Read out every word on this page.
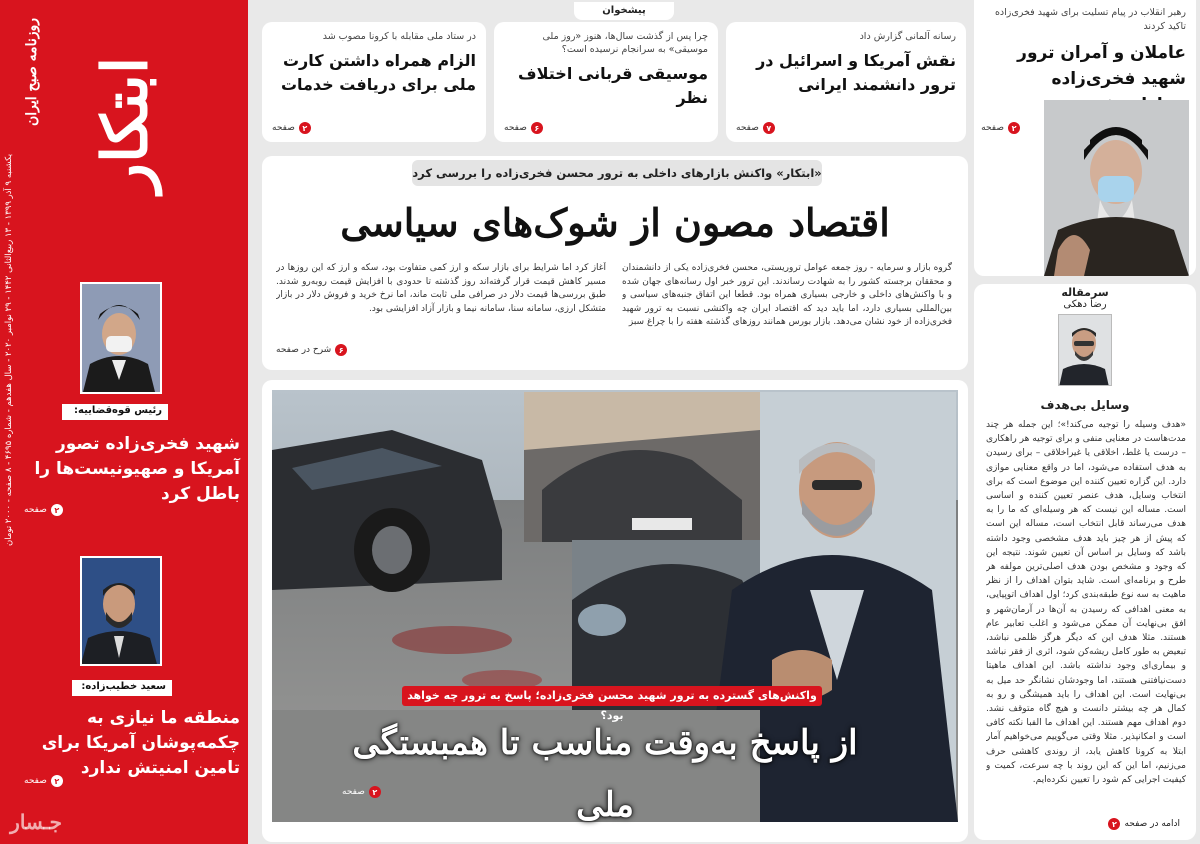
ابتکار
روزنامه صبح ایران
یکشنبه ۹ آذر ۱۳۹۹ - ۱۳ ربیع‌الثانی ۱۴۴۲ - ۲۹ نوامبر ۲۰۲۰ - سال هفدهم - شماره ۴۶۹۵ - ۸ صفحه - ۲۰۰۰ تومان
رئیس قوه‌قضاییه:
شهید فخری‌زاده تصور آمریکا و صهیونیست‌ها را باطل کرد
۲
صفحه
سعید خطیب‌زاده:
منطقه ما نیازی به چکمه‌پوشان آمریکا برای تامین امنیتش ندارد
۲
صفحه
جـسار
پیشخوان
رسانه آلمانی گزارش داد
نقش آمریکا و اسرائیل در ترور دانشمند ایرانی
۷
صفحه
چرا پس از گذشت سال‌ها، هنوز «روز ملی موسیقی» به سرانجام نرسیده است؟
موسیقی قربانی اختلاف نظر
۶
صفحه
در ستاد ملی مقابله با کرونا مصوب شد
الزام همراه داشتن کارت ملی برای دریافت خدمات
۲
صفحه
«ابتکار» واکنش بازارهای داخلی به ترور محسن فخری‌زاده را بررسی کرد
اقتصاد مصون از شوک‌های سیاسی
گروه بازار و سرمایه - روز جمعه عوامل تروریستی، محسن فخری‌زاده یکی از دانشمندان و محققان برجسته کشور را به شهادت رساندند. این ترور خبر اول رسانه‌های جهان شده و با واکنش‌های داخلی و خارجی بسیاری همراه بود. قطعا این اتفاق جنبه‌های سیاسی و بین‌المللی بسیاری دارد، اما باید دید که اقتصاد ایران چه واکنشی نسبت به ترور شهید فخری‌زاده از خود نشان می‌دهد. بازار بورس همانند روزهای گذشته هفته را با چراغ سبز
آغاز کرد اما شرایط برای بازار سکه و ارز کمی متفاوت بود، سکه و ارز که این روزها در مسیر کاهش قیمت قرار گرفته‌اند روز گذشته تا حدودی با افزایش قیمت روبه‌رو شدند. طبق بررسی‌ها قیمت دلار در صرافی ملی ثابت ماند، اما نرخ خرید و فروش دلار در بازار متشکل ارزی، سامانه سنا، سامانه نیما و بازار آزاد افزایشی بود.
۶
شرح در صفحه
واکنش‌های گسترده به ترور شهید محسن فخری‌زاده؛ پاسخ به ترور چه خواهد بود؟
از پاسخ به‌وقت مناسب تا همبستگی ملی
۲
صفحه
رهبر انقلاب در پیام تسلیت برای شهید فخری‌زاده تاکید کردند
عاملان و آمران ترور شهید فخری‌زاده
۲
صفحه
سرمقاله
رضا دهکی
وسایل بی‌هدف
«هدف وسیله را توجیه می‌کند!»؛ این جمله هر چند مدت‌هاست در معنایی منفی و برای توجیه هر راهکاری – درست یا غلط، اخلاقی یا غیراخلاقی – برای رسیدن به هدف استفاده می‌شود، اما در واقع معنایی موازی دارد. این گزاره تعیین کننده این موضوع است که برای انتخاب وسایل، هدف عنصر تعیین کننده و اساسی است. مساله این نیست که هر وسیله‌ای که ما را به هدف می‌رساند قابل انتخاب است، مساله این است که پیش از هر چیز باید هدف مشخصی وجود داشته باشد که وسایل بر اساس آن تعیین شوند. نتیجه این که وجود و مشخص بودن هدف اصلی‌ترین مولفه هر طرح و برنامه‌ای است. شاید بتوان اهداف را از نظر ماهیت به سه نوع طبقه‌بندی کرد؛ اول اهداف اتوپیایی، به معنی اهدافی که رسیدن به آن‌ها در آرمان‌شهر و افق بی‌نهایت آن ممکن می‌شود و اغلب تعابیر عام هستند. مثلا هدف این که دیگر هرگز ظلمی نباشد، تبعیض به طور کامل ریشه‌کن شود، اثری از فقر نباشد و بیماری‌ای وجود نداشته باشد. این اهداف ماهیتا دست‌نیافتنی هستند، اما وجودشان نشانگر حد میل به بی‌نهایت است. این اهداف را باید همیشگی و رو به کمال هر چه بیشتر دانست و هیچ گاه متوقف نشد. دوم اهداف مهم هستند. این اهداف ما الفبا نکته کافی است و امکانپذیر. مثلا وقتی می‌گوییم می‌خواهیم آمار ابتلا به کرونا کاهش یابد، از روندی کاهشی حرف می‌زنیم، اما این که این روند با چه سرعت، کمیت و کیفیت اجرایی کم شود را تعیین نکرده‌ایم.
ادامه در صفحه
۲
